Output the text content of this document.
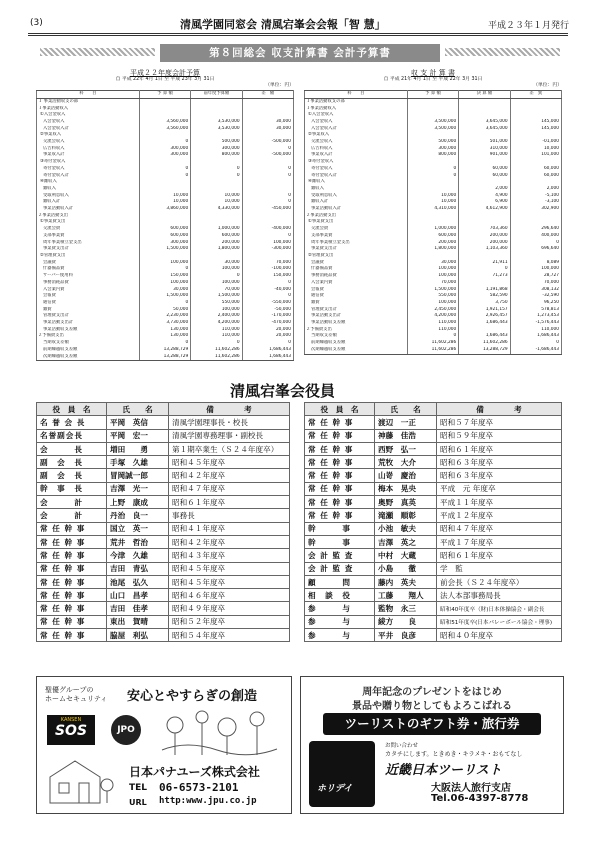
(3)	清風学園同窓会 清風宕峯会会報「智 慧」	平成２３年１月発行
第８回総会 収支計算書 会計予算書
平成２２年度会計予算
自 平成 22年 4月 1日 至 平成 23年 3月 31日
（単位：円）
科　　目	予 算 額	前年度予算額	差　額
１ 事業活動収支の部			
１事業活動収入			
①入会金収入			
入会金収入	3,560,000	3,530,000	30,000
入会金収入計	3,560,000	3,530,000	30,000
②事業収入			
交流会収入	0	500,000	-500,000
広告料収入	300,000	300,000	0
事業収入計	300,000	800,000	-500,000
③寄付金収入			
寄付金収入	0	0	0
寄付金収入計	0	0	0
④雑収入			
雑収入			
受取利息収入	10,000	10,000	0
雑収入計	10,000	10,000	0
事業活動収入計	3,860,000	4,330,000	-450,000
２事業活動支出			
①事業費支出			
交流会費	600,000	1,000,000	-400,000
支部事業費	600,000	600,000	0
周年事業積立金支出	300,000	200,000	100,000
事業費支出計	1,500,000	1,800,000	-300,000
②管理費支出			
会議費	100,000	30,000	70,000
什器備品費	0	100,000	-100,000
サーバー使用料	150,000	0	150,000
事務消耗品費	100,000	100,000	0
入会案内費	30,000	70,000	-40,000
会報費	1,500,000	1,500,000	0
通信費	0	550,000	-550,000
雑費	50,000	100,000	-50,000
管理費支出計	2,230,000	2,400,000	-170,000
事業活動支出計	3,730,000	4,200,000	-470,000
事業活動収支差額	130,000	110,000	20,000
２予備費支出	130,000	110,000	20,000
当期収支差額	0	0	0
前期繰越収支差額	13,288,729	11,602,286	1,686,443
次期繰越収支差額	13,288,729	11,602,286	1,686,443
収 支 計 算 書
自 平成 21年 4月 1日 至 平成 22年 3月 31日
（単位：円）
科　　目	予 算 額	決 算 額	差　異
１事業活動収支の部			
１事業活動収入			
①入会金収入			
入会金収入	3,500,000	3,645,000	145,000
入会金収入計	3,500,000	3,645,000	145,000
②事業収入			
交流会収入	500,000	501,000	-01,000
広告料収入	300,000	310,000	10,000
事業収入計	800,000	901,000	101,000
③寄付金収入			
寄付金収入	0	60,000	60,000
寄付金収入計	0	60,000	60,000
④雑収入			
雑収入		2,000	2,000
受取利息収入	10,000	4,900	-5,100
雑収入計	10,000	6,900	-3,100
事業活動収入計	4,310,000	4,612,900	302,900
２事業活動支出			
①事業費支出			
交流会費	1,000,000	703,360	296,640
支部事業費	600,000	200,000	400,000
周年事業積立金支出	200,000	200,000	0
事業費支出計	1,800,000	1,103,360	696,640
②管理費支出			
会議費	30,000	21,911	8,089
什器備品費	100,000	0	100,000
事務消耗品費	100,000	71,273	28,727
入会案内費	70,000		70,000
会報費	1,500,000	1,191,868	308,132
通信費	550,000	582,590	-32,590
雑費	100,000	3,750	96,250
管理費支出計	2,450,000	1,921,157	578,813
事業活動支出計	4,200,000	2,926,457	1,273,453
事業活動収支差額	110,000	1,686,443	-1,576,443
２予備費支出	110,000		110,000
当期収支差額	0	1,686,443	1,686,443
前期繰越収支差額	11,602,286	11,602,286	0
次期繰越収支差額	11,602,286	13,288,729	-1,686,443
清風宕峯会役員
役　員　名	氏　　名	備　　　　考
名 誉 会 長	平岡　英信	清風学園理事長・校長
名誉副会長	平岡　宏一	清風学園専務理事・副校長
会　　　長	増田　　勇	第１期卒業生（Ｓ２４年度卒）
副　会　長	手塚　久雄	昭和４５年度卒
副　会　長	冒岡誠一郎	昭和４２年度卒
幹　事　長	吉澤　光一	昭和４７年度卒
会　　　計	上野　康成	昭和６１年度卒
会　　　計	丹治　良一	事務長
常 任 幹 事	国立　英一	昭和４１年度卒
常 任 幹 事	荒井　哲治	昭和４２年度卒
常 任 幹 事	今津　久雄	昭和４３年度卒
常 任 幹 事	吉田　青弘	昭和４５年度卒
常 任 幹 事	池尾　弘久	昭和４５年度卒
常 任 幹 事	山口　昌孝	昭和４６年度卒
常 任 幹 事	吉田　佳孝	昭和４９年度卒
常 任 幹 事	東出　賀晴	昭和５２年度卒
常 任 幹 事	脇屋　利弘	昭和５４年度卒
役　員　名	氏　　名	備　　　　考
常 任 幹 事	渡辺　一正	昭和５７年度卒
常 任 幹 事	神藤　佳浩	昭和５９年度卒
常 任 幹 事	西野　弘一	昭和６１年度卒
常 任 幹 事	荒牧　大介	昭和６３年度卒
常 任 幹 事	山嵜　慶治	昭和６３年度卒
常 任 幹 事	梅本　晃央	平成　元 年度卒
常 任 幹 事	奥野　真英	平成１１年度卒
常 任 幹 事	滝瀬　順彰	平成１２年度卒
幹　　　事	小池　敏夫	昭和４７年度卒
幹　　　事	吉澤　英之	平成１７年度卒
会 計 監 査	中村　大蔵	昭和６１年度卒
会 計 監 査	小島　　徹	学　監
顧　　　問	藤内　英夫	前会長（Ｓ２４年度卒）
相　談　役	工藤　　翔人	法人本部事務局長
参　　　与	監物　永三	昭和40年度卒（財)日本体操協会・副会長
参　　　与	綾方　　良	昭和51年度卒(日本バレーボール協会・理事)
参　　　与	平井　良彦	昭和４０年度卒
聖優グループの
ホームセキュリティ 安心とやすらぎの創造
KANSEN
SOS	JPO
日本パナユーズ株式会社
TEL 06-6573-2101
URL http:www.jpu.co.jp
周年記念のプレゼントをはじめ
景品や贈り物としてもよろこばれる
ツーリストのギフト券・旅行券
ホリデイ
お問い合わせ
カタチにします。ときめき・キラメキ・おもてなし
近畿日本ツーリスト
大阪法人旅行支店
Tel.06-4397-8778
